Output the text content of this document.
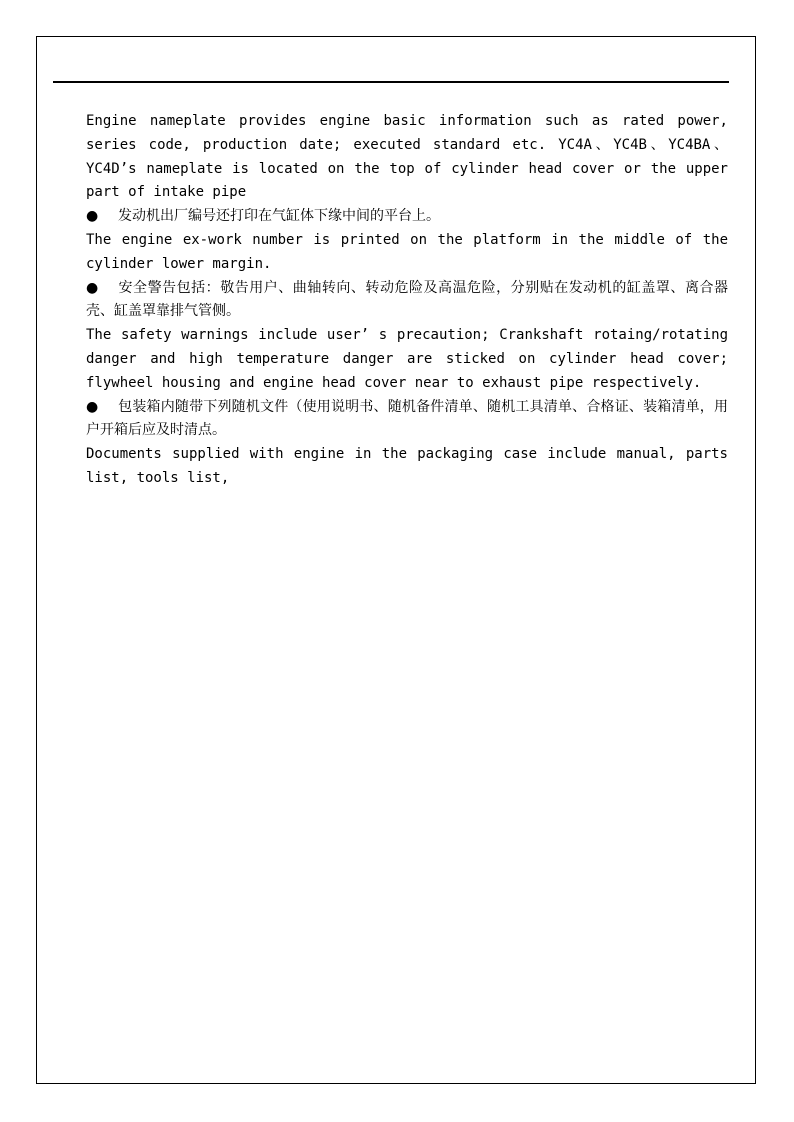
Engine nameplate provides engine basic information such as rated power, series code, production date; executed standard etc. YC4A、YC4B、YC4BA、YC4D’s nameplate is located on the top of cylinder head cover or the upper part of intake pipe

● 发动机出厂编号还打印在气缸体下缘中间的平台上。

The engine ex-work number is printed on the platform in the middle of the cylinder lower margin.

● 安全警告包括：敬告用户、曲轴转向、转动危险及高温危险，分别贴在发动机的缸盖罩、离合器壳、缸盖罩靠排气管侧。

The safety warnings include user’ s precaution; Crankshaft rotaing/rotating danger and high temperature danger are sticked on cylinder head cover; flywheel housing and engine head cover near to exhaust pipe respectively.

● 包装箱内随带下列随机文件（使用说明书、随机备件清单、随机工具清单、合格证、装箱清单，用户开箱后应及时清点。

Documents supplied with engine in the packaging case include manual, parts list, tools list,
